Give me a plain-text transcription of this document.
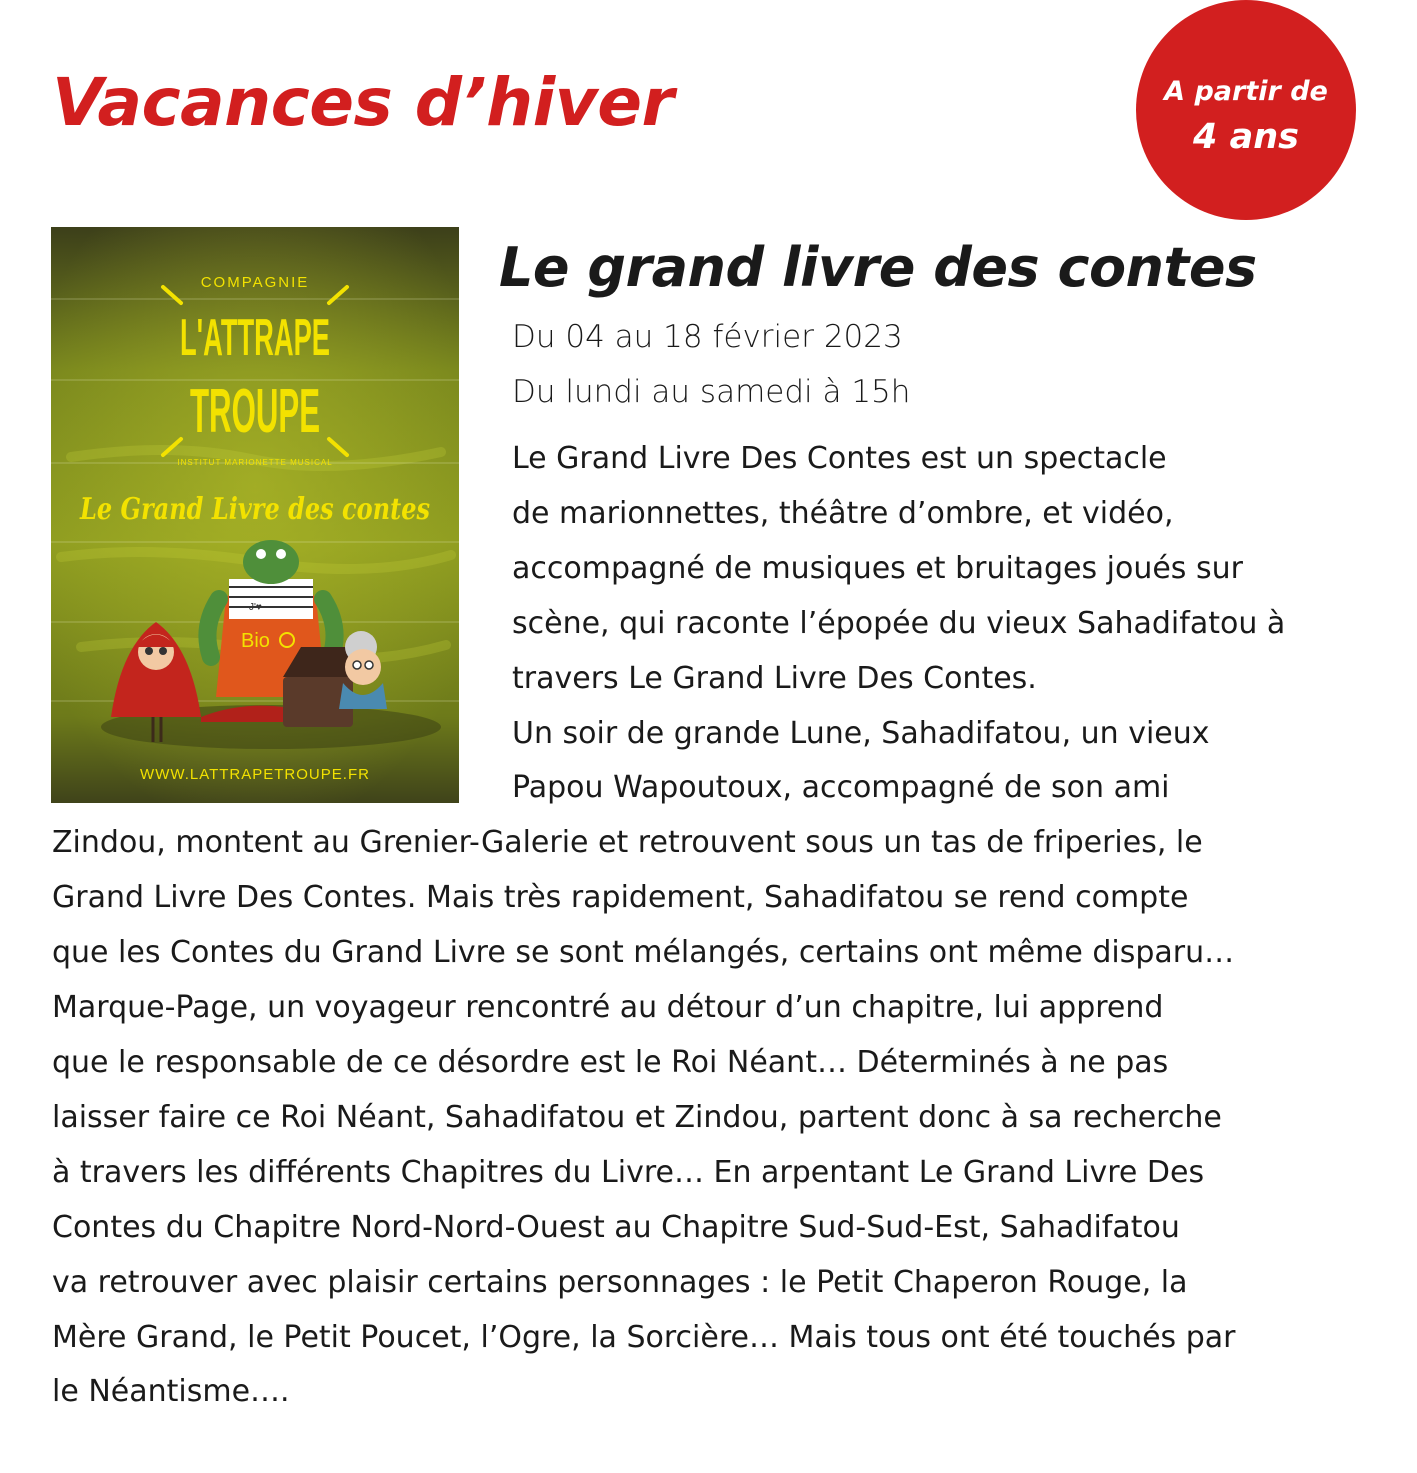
Vacances d’hiver	A partir de
4 ans
COMPAGNIE
L'ATTRAPE
TROUPE
INSTITUT MARIONETTE MUSICAL
Le Grand Livre des contes
J'♥
Bio
WWW.LATTRAPETROUPE.FR
Le grand livre des contes
Du 04 au 18 février 2023
Du lundi au samedi à 15h

Le Grand Livre Des Contes est un spectacle
de marionnettes, théâtre d’ombre, et vidéo,
accompagné de musiques et bruitages joués sur
scène, qui raconte l’épopée du vieux Sahadifatou à
travers Le Grand Livre Des Contes.

Un soir de grande Lune, Sahadifatou, un vieux
Papou Wapoutoux, accompagné de son ami
Zindou, montent au Grenier-Galerie et retrouvent sous un tas de friperies, le
Grand Livre Des Contes. Mais très rapidement, Sahadifatou se rend compte
que les Contes du Grand Livre se sont mélangés, certains ont même disparu…
Marque-Page, un voyageur rencontré au détour d’un chapitre, lui apprend
que le responsable de ce désordre est le Roi Néant… Déterminés à ne pas
laisser faire ce Roi Néant, Sahadifatou et Zindou, partent donc à sa recherche
à travers les différents Chapitres du Livre… En arpentant Le Grand Livre Des
Contes du Chapitre Nord-Nord-Ouest au Chapitre Sud-Sud-Est, Sahadifatou
va retrouver avec plaisir certains personnages : le Petit Chaperon Rouge, la
Mère Grand, le Petit Poucet, l’Ogre, la Sorcière… Mais tous ont été touchés par
le Néantisme….
